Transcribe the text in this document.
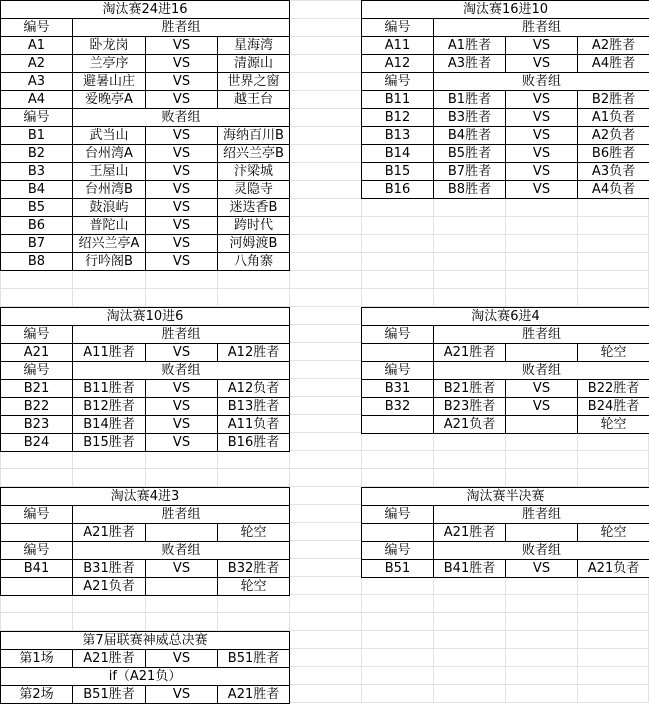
淘汰赛24进16			
编号	胜者组		
A1	卧龙岗	VS	星海湾
A2	兰亭序	VS	清源山
A3	避暑山庄	VS	世界之窗
A4	爱晚亭A	VS	越王台
编号	败者组		
B1	武当山	VS	海纳百川B
B2	台州湾A	VS	绍兴兰亭B
B3	王屋山	VS	汴梁城
B4	台州湾B	VS	灵隐寺
B5	鼓浪屿	VS	迷迭香B
B6	普陀山	VS	跨时代
B7	绍兴兰亭A	VS	河姆渡B
B8	行吟阁B	VS	八角寨
淘汰赛16进10			
编号	胜者组		
A11	A1胜者	VS	A2胜者
A12	A3胜者	VS	A4胜者
编号	败者组		
B11	B1胜者	VS	B2胜者
B12	B3胜者	VS	A1负者
B13	B4胜者	VS	A2负者
B14	B5胜者	VS	B6胜者
B15	B7胜者	VS	A3负者
B16	B8胜者	VS	A4负者
淘汰赛10进6			
编号	胜者组		
A21	A11胜者	VS	A12胜者
编号	败者组		
B21	B11胜者	VS	A12负者
B22	B12胜者	VS	B13胜者
B23	B14胜者	VS	A11负者
B24	B15胜者	VS	B16胜者
淘汰赛6进4			
编号	胜者组		
	A21胜者		轮空
编号	败者组		
B31	B21胜者	VS	B22胜者
B32	B23胜者	VS	B24胜者
	A21负者		轮空
淘汰赛4进3			
编号	胜者组		
	A21胜者		轮空
编号	败者组		
B41	B31胜者	VS	B32胜者
	A21负者		轮空
淘汰赛半决赛			
编号	胜者组		
	A21胜者		轮空
编号	败者组		
B51	B41胜者	VS	A21负者
第7届联赛神威总决赛			
第1场	A21胜者	VS	B51胜者
if（A21负）			
第2场	B51胜者	VS	A21胜者
